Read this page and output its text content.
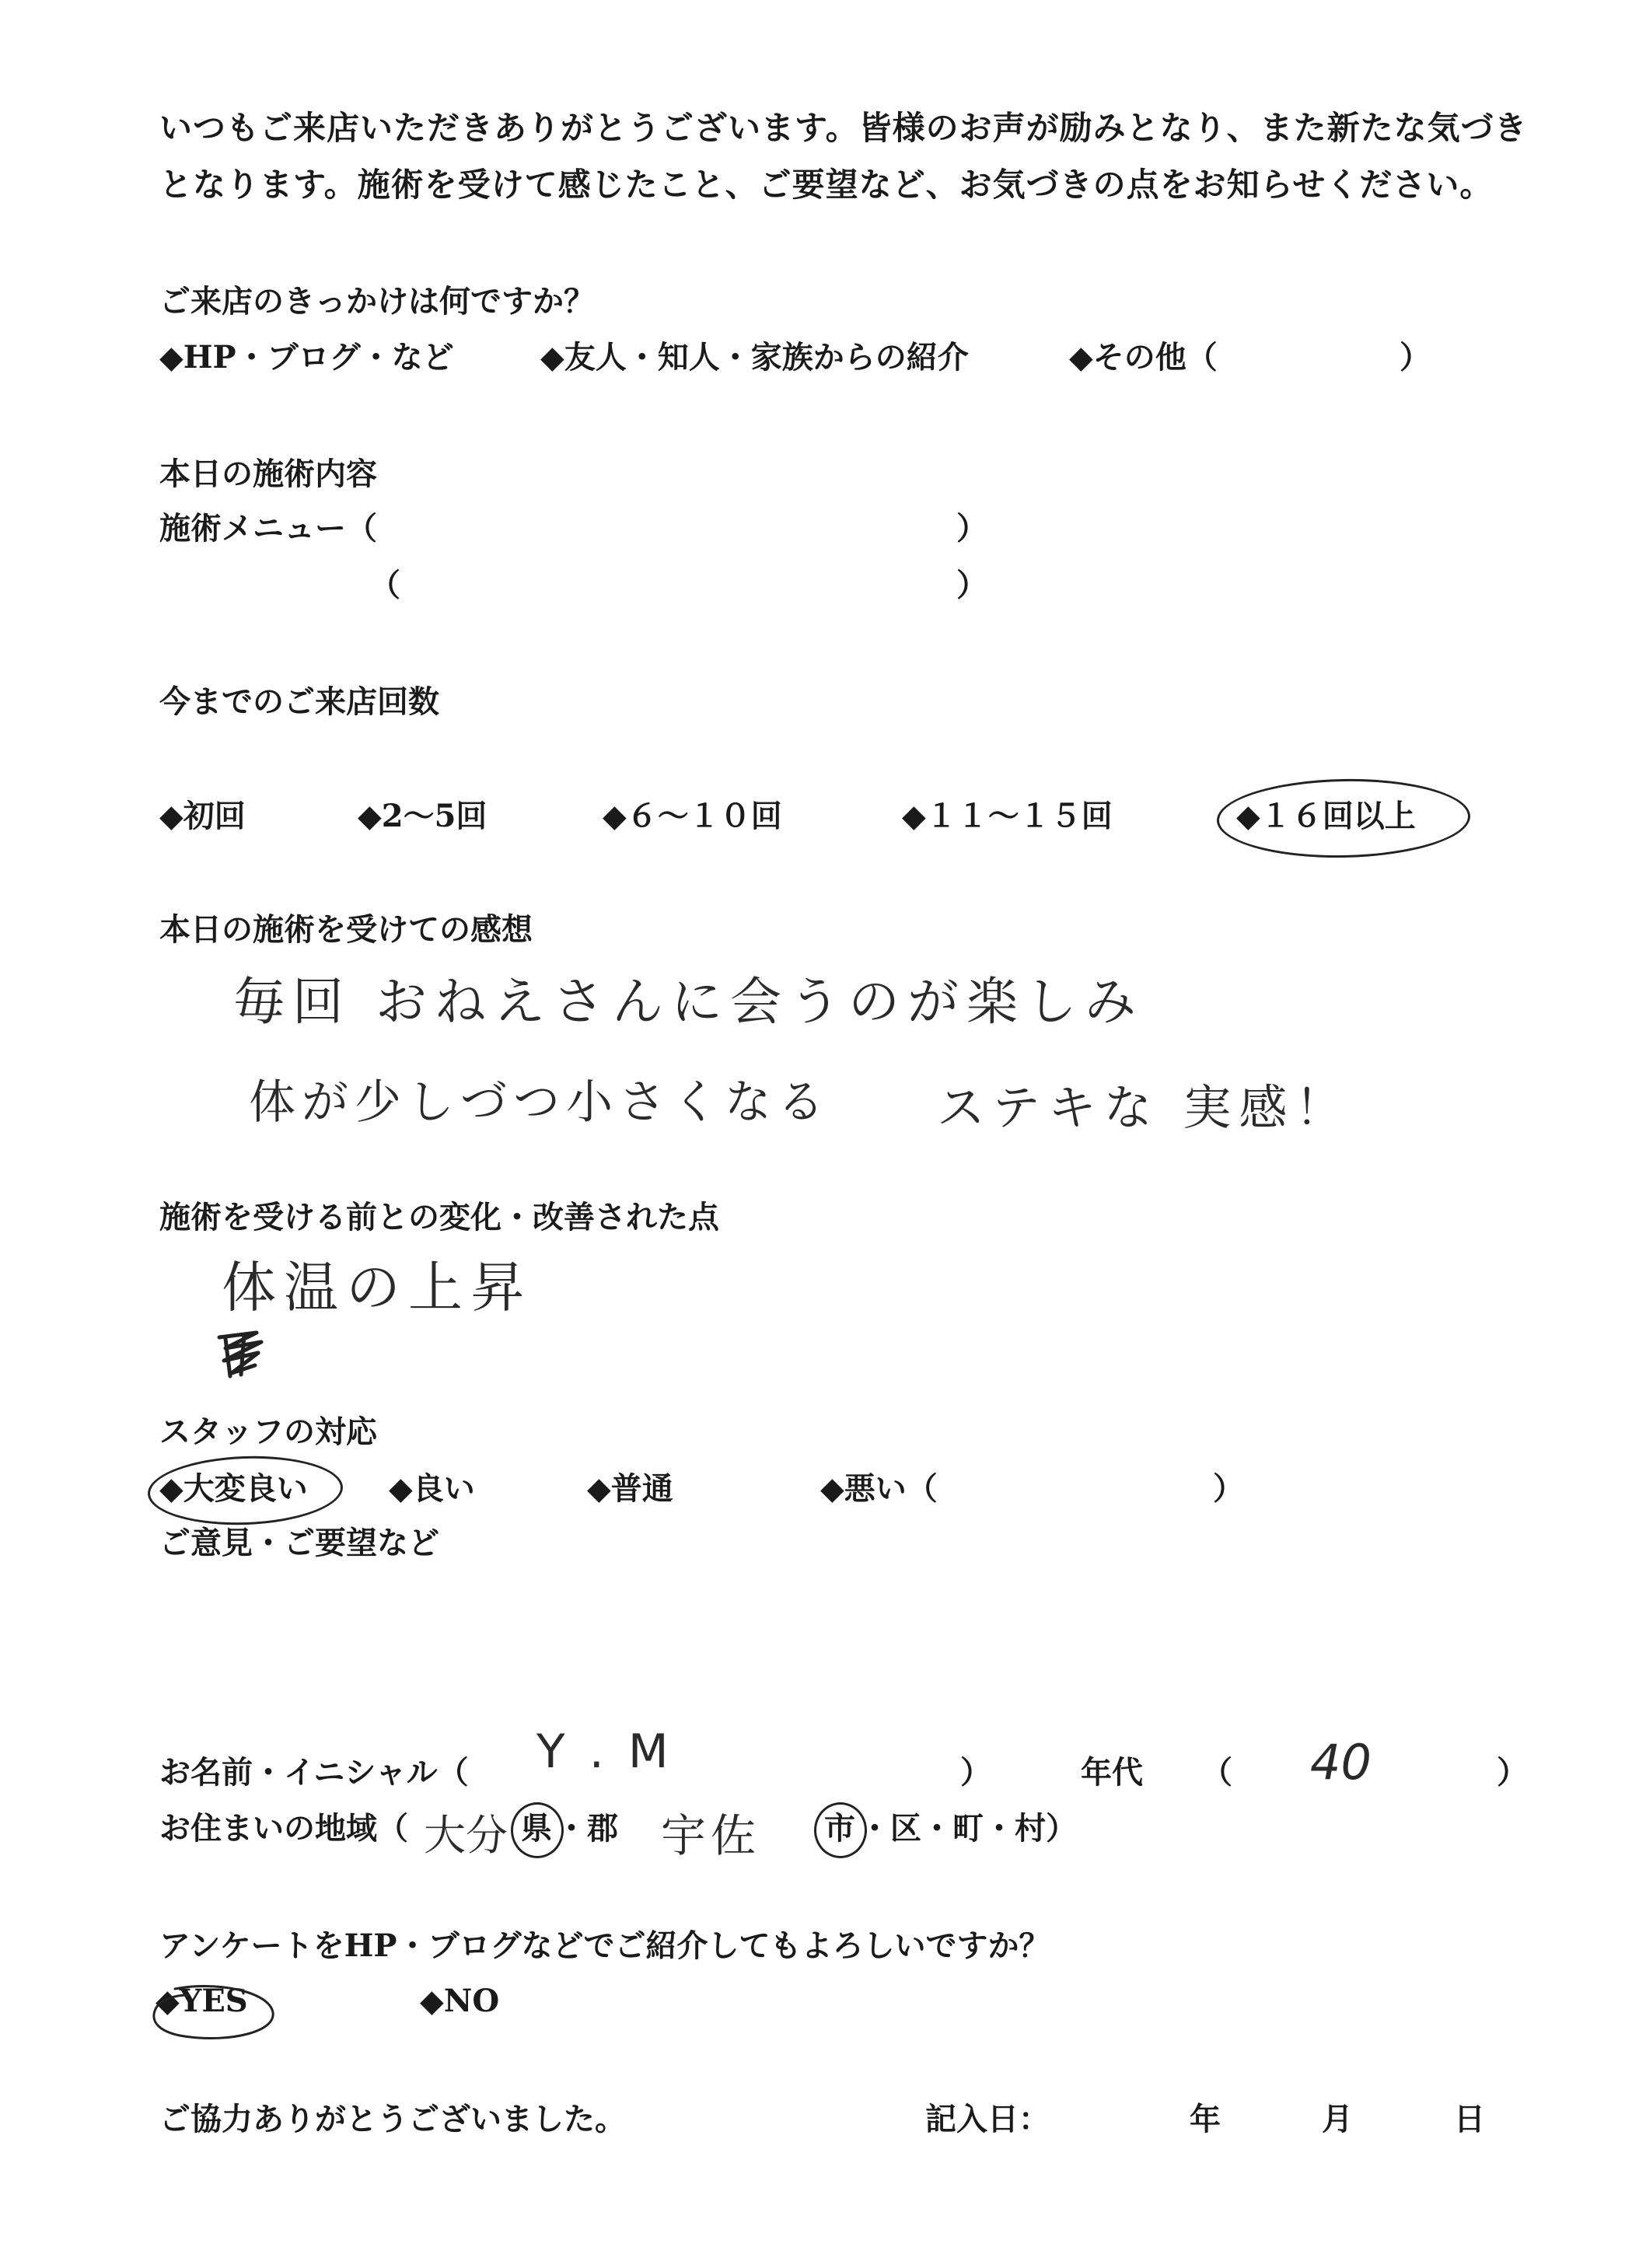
いつもご来店いただきありがとうございます。皆様のお声が励みとなり、また新たな気づき
となります。施術を受けて感じたこと、ご要望など、お気づきの点をお知らせください。
ご来店のきっかけは何ですか？
◆HP・ブログ・など	◆友人・知人・家族からの紹介	◆その他（	）
本日の施術内容
施術メニュー（	）
（	）
今までのご来店回数
◆初回	◆2〜5回	◆６〜１０回	◆１１〜１５回	◆１６回以上
本日の施術を受けての感想
毎回 おねえさんに会うのが楽しみ
体が少しづつ小さくなる ステキな 実感！
施術を受ける前との変化・改善された点
体温の上昇
スタッフの対応
◆大変良い	◆良い	◆普通	◆悪い（	）
ご意見・ご要望など
お名前・イニシャル（ Y . M	）	年代 （ 40	）
お住まいの地域（ 大分 県 ・郡 宇佐 市 ・区・町・村）
アンケートをHP・ブログなどでご紹介してもよろしいですか？
◆YES	◆NO
ご協力ありがとうございました。	記入日：	年	月	日
